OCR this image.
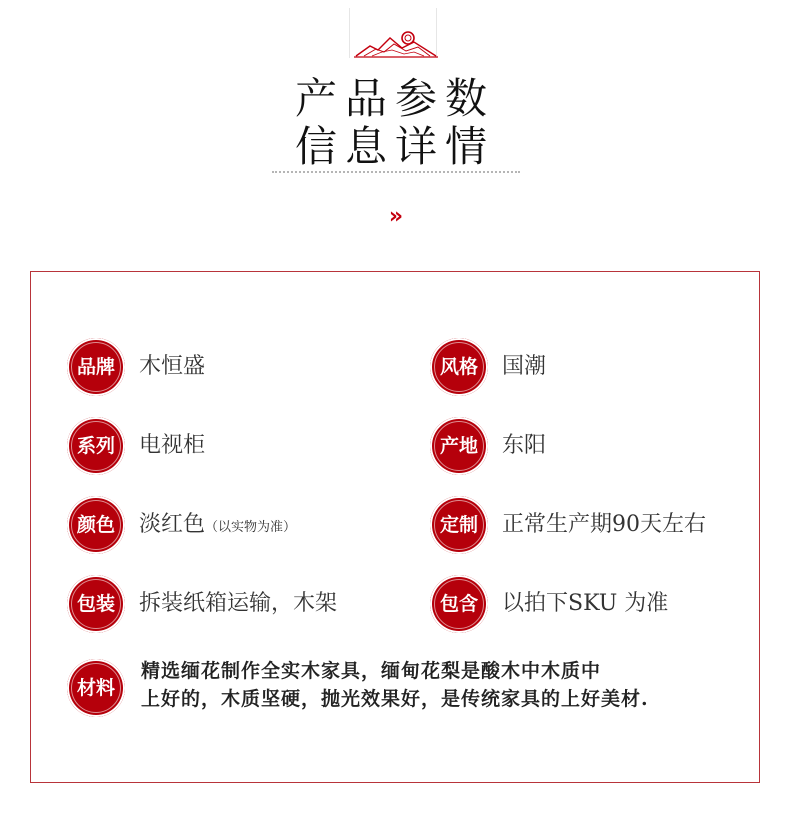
产品参数
信息详情
»
品牌	木恒盛	风格	国潮
系列	电视柜	产地	东阳
颜色	淡红色（以实物为准）	定制	正常生产期90天左右
包装	拆装纸箱运输，木架	包含	以拍下SKU 为准
材料
精选缅花制作全实木家具，缅甸花梨是酸木中木质中
上好的，木质坚硬，抛光效果好，是传统家具的上好美材.
